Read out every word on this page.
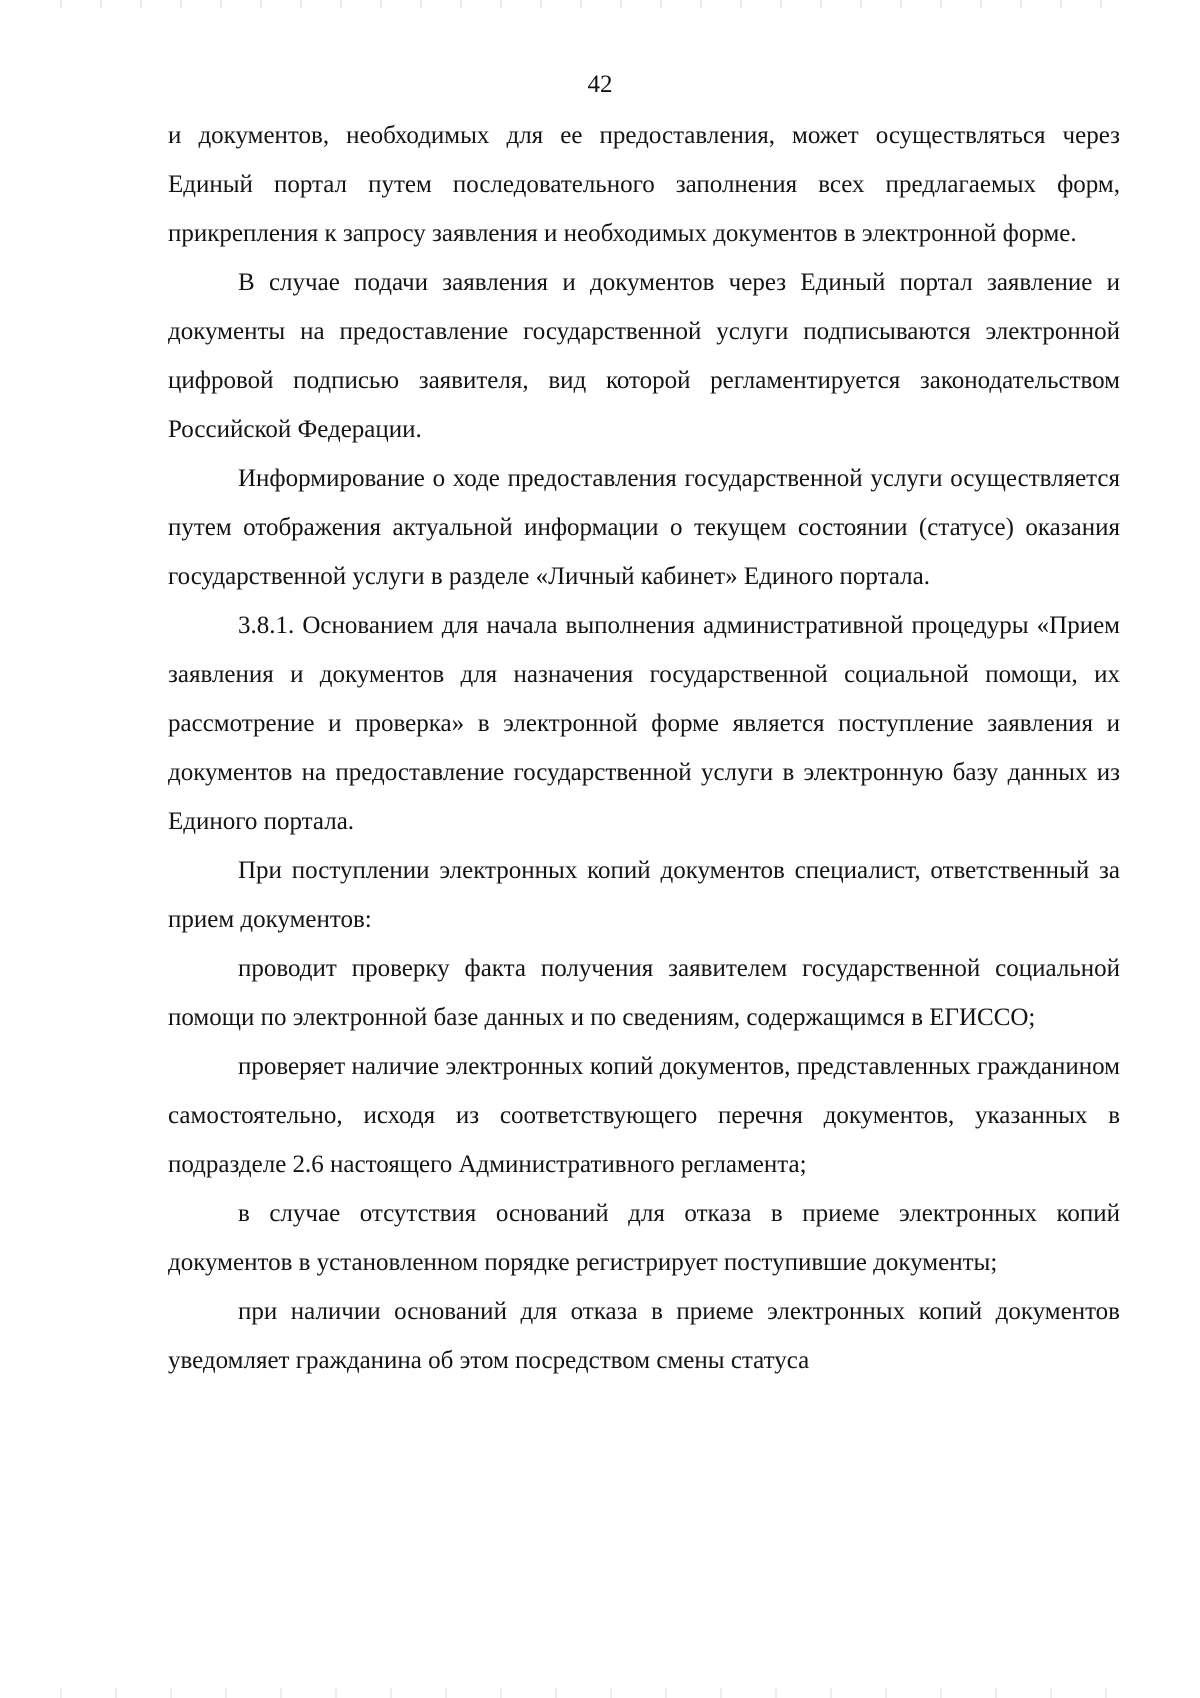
42

и документов, необходимых для ее предоставления, может осуществляться через Единый портал путем последовательного заполнения всех предлагаемых форм, прикрепления к запросу заявления и необходимых документов в электронной форме.

В случае подачи заявления и документов через Единый портал заявление и документы на предоставление государственной услуги подписываются электронной цифровой подписью заявителя, вид которой регламентируется законодательством Российской Федерации.

Информирование о ходе предоставления государственной услуги осуществляется путем отображения актуальной информации о текущем состоянии (статусе) оказания государственной услуги в разделе «Личный кабинет» Единого портала.

3.8.1. Основанием для начала выполнения административной процедуры «Прием заявления и документов для назначения государственной социальной помощи, их рассмотрение и проверка» в электронной форме является поступление заявления и документов на предоставление государственной услуги в электронную базу данных из Единого портала.

При поступлении электронных копий документов специалист, ответственный за прием документов:

проводит проверку факта получения заявителем государственной социальной помощи по электронной базе данных и по сведениям, содержащимся в ЕГИССО;

проверяет наличие электронных копий документов, представленных гражданином самостоятельно, исходя из соответствующего перечня документов, указанных в подразделе 2.6 настоящего Административного регламента;

в случае отсутствия оснований для отказа в приеме электронных копий документов в установленном порядке регистрирует поступившие документы;

при наличии оснований для отказа в приеме электронных копий документов уведомляет гражданина об этом посредством смены статуса
